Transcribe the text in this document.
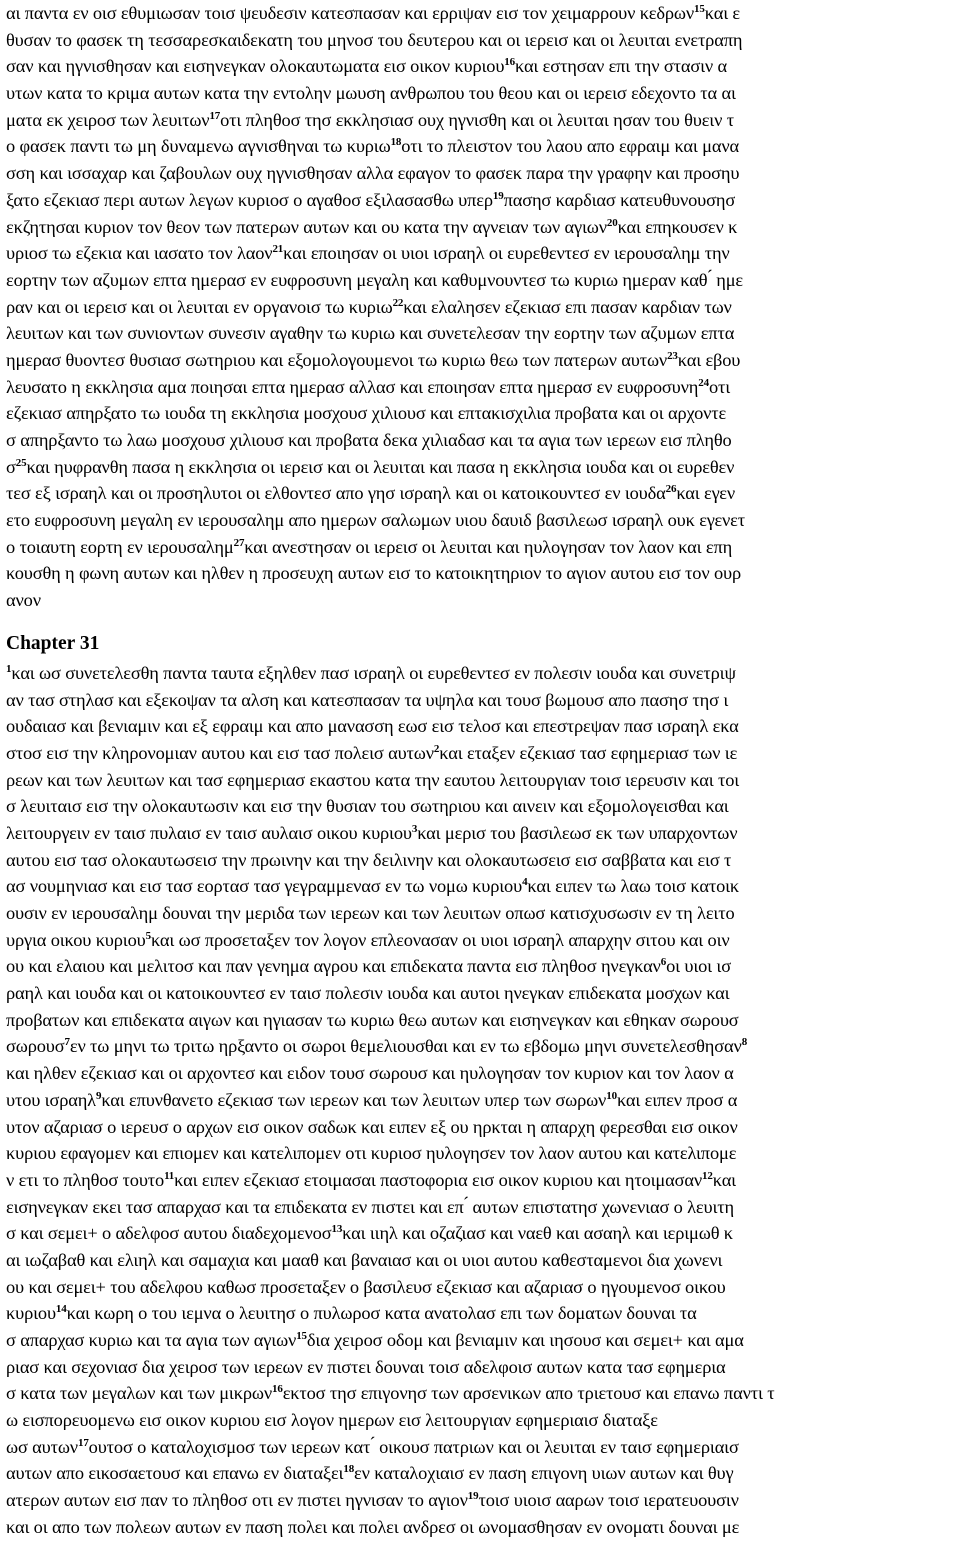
αι παντα εν οισ εθυμιωσαν τοισ ψευδεσιν κατεσπασαν και ερριψαν εισ τον χειμαρρουν κεδρων$^{15}$και ε
θυσαν το φασεκ τη τεσσαρεσκαιδεκατη του μηνοσ του δευτερου και οι ιερεισ και οι λευιται ενετραπη
σαν και ηγνισθησαν και εισηνεγκαν ολοκαυτωματα εισ οικον κυριου$^{16}$και εστησαν επι την στασιν α
υτων κατα το κριμα αυτων κατα την εντολην μωυση ανθρωπου του θεου και οι ιερεισ εδεχοντο τα αι
ματα εκ χειροσ των λευιτων$^{17}$οτι πληθοσ τησ εκκλησιασ ουχ ηγνισθη και οι λευιται ησαν του θυειν τ
ο φασεκ παντι τω μη δυναμενω αγνισθηναι τω κυριω$^{18}$οτι το πλειστον του λαου απο εφραιμ και μανα
σση και ισσαχαρ και ζαβουλων ουχ ηγνισθησαν αλλα εφαγον το φασεκ παρα την γραφην και προσηυ
ξατο εζεκιασ περι αυτων λεγων κυριοσ ο αγαθοσ εξιλασασθω υπερ$^{19}$πασησ καρδιασ κατευθυνουσησ
εκζητησαι κυριον τον θεον των πατερων αυτων και ου κατα την αγνειαν των αγιων$^{20}$και επηκουσεν κ
υριοσ τω εζεκια και ιασατο τον λαον$^{21}$και εποιησαν οι υιοι ισραηλ οι ευρεθεντεσ εν ιερουσαλημ την
εορτην των αζυμων επτα ημερασ εν ευφροσυνη μεγαλη και καθυμνουντεσ τω κυριω ημεραν καθ ́ ημε
ραν και οι ιερεισ και οι λευιται εν οργανοισ τω κυριω$^{22}$και ελαλησεν εζεκιασ επι πασαν καρδιαν των
λευιτων και των συνιοντων συνεσιν αγαθην τω κυριω και συνετελεσαν την εορτην των αζυμων επτα
ημερασ θυοντεσ θυσιασ σωτηριου και εξομολογουμενοι τω κυριω θεω των πατερων αυτων$^{23}$και εβου
λευσατο η εκκλησια αμα ποιησαι επτα ημερασ αλλασ και εποιησαν επτα ημερασ εν ευφροσυνη$^{24}$οτι
εζεκιασ απηρξατο τω ιουδα τη εκκλησια μοσχουσ χιλιουσ και επτακισχιλια προβατα και οι αρχοντε
σ απηρξαντο τω λαω μοσχουσ χιλιουσ και προβατα δεκα χιλιαδασ και τα αγια των ιερεων εισ πληθο
$\sigma^{25}\kappa\alpha\iota$ ηυφρανθη πασα η εκκλησια οι ιερεισ και οι λευιται και πασα η εκκλησια ιουδα και οι ευρεθεν
τεσ εξ ισραηλ και οι προσηλυτοι οι ελθοντεσ απο γησ ισραηλ και οι κατοικουντεσ εν ιουδα$^{26}$και εγεν
ετο ευφροσυνη μεγαλη εν ιερουσαλημ απο ημερων σαλωμων υιου δαυιδ βασιλεωσ ισραηλ ουκ εγενετ
ο τοιαυτη εορτη εν ιερουσαλημ$^{27}$και ανεστησαν οι ιερεισ οι λευιται και ηυλογησαν τον λαον και επη
κουσθη η φωνη αυτων και ηλθεν η προσευχη αυτων εισ το κατοικητηριον το αγιον αυτου εισ τον ουρ
ανον
Chapter 31
$^1$και ωσ συνετελεσθη παντα ταυτα εξηλθεν πασ ισραηλ οι ευρεθεντεσ εν πολεσιν ιουδα και συνετριψ
αν τασ στηλασ και εξεκοψαν τα αλση και κατεσπασαν τα υψηλα και τουσ βωμουσ απο πασησ τησ ι
ουδαιασ και βενιαμιν και εξ εφραιμ και απο μανασση εωσ εισ τελοσ και επεστρεψαν πασ ισραηλ εκα
στοσ εισ την κληρονομιαν αυτου και εισ τασ πολεισ αυτων$^2$και εταξεν εζεκιασ τασ εφημεριασ των ιε
ρεων και των λευιτων και τασ εφημεριασ εκαστου κατα την εαυτου λειτουργιαν τοισ ιερευσιν και τοι
σ λευιταισ εισ την ολοκαυτωσιν και εισ την θυσιαν του σωτηριου και αινειν και εξομολογεισθαι και
λειτουργειν εν ταισ πυλαισ εν ταισ αυλαισ οικου κυριου$^3$και μερισ του βασιλεωσ εκ των υπαρχοντων
αυτου εισ τασ ολοκαυτωσεισ την πρωινην και την δειλινην και ολοκαυτωσεισ εισ σαββατα και εισ τ
ασ νουμηνιασ και εισ τασ εορτασ τασ γεγραμμενασ εν τω νομω κυριου$^4$και ειπεν τω λαω τοισ κατοικ
ουσιν εν ιερουσαλημ δουναι την μεριδα των ιερεων και των λευιτων οπωσ κατισχυσωσιν εν τη λειτο
υργια οικου κυριου$^5$και ωσ προσεταξεν τον λογον επλεονασαν οι υιοι ισραηλ απαρχην σιτου και οιν
ου και ελαιου και μελιτοσ και παν γενημα αγρου και επιδεκατα παντα εισ πληθοσ ηνεγκαν$^6$οι υιοι ισ
ραηλ και ιουδα και οι κατοικουντεσ εν ταισ πολεσιν ιουδα και αυτοι ηνεγκαν επιδεκατα μοσχων και
προβατων και επιδεκατα αιγων και ηγιασαν τω κυριω θεω αυτων και εισηνεγκαν και εθηκαν σωρουσ
σωρουσ$^7$εν τω μηνι τω τριτω ηρξαντο οι σωροι θεμελιουσθαι και εν τω εβδομω μηνι συνετελεσθησαν$^8$
και ηλθεν εζεκιασ και οι αρχοντεσ και ειδον τουσ σωρουσ και ηυλογησαν τον κυριον και τον λαον α
υτου ισραηλ$^9$και επυνθανετο εζεκιασ των ιερεων και των λευιτων υπερ των σωρων$^{10}$και ειπεν προσ α
υτον αζαριασ ο ιερευσ ο αρχων εισ οικον σαδωκ και ειπεν εξ ου ηρκται η απαρχη φερεσθαι εισ οικον
κυριου εφαγομεν και επιομεν και κατελιπομεν οτι κυριοσ ηυλογησεν τον λαον αυτου και κατελιπομε
ν ετι το πληθοσ τουτο$^{11}$και ειπεν εζεκιασ ετοιμασαι παστοφορια εισ οικον κυριου και ητοιμασαν$^{12}$και
εισηνεγκαν εκει τασ απαρχασ και τα επιδεκατα εν πιστει και επ ́ αυτων επιστατησ χωνενιασ ο λευιτη
σ και σεμει+ ο αδελφοσ αυτου διαδεχομενοσ$^{13}$και ιιηλ και οζαζιασ και ναεθ και ασαηλ και ιεριμωθ κ
αι ιωζαβαθ και ελιηλ και σαμαχια και μααθ και βαναιασ και οι υιοι αυτου καθεσταμενοι δια χωνενι
ου και σεμει+ του αδελφου καθωσ προσεταξεν ο βασιλευσ εζεκιασ και αζαριασ ο ηγουμενοσ οικου
κυριου$^{14}$και κωρη ο του ιεμνα ο λευιτησ ο πυλωροσ κατα ανατολασ επι των δοματων δουναι τα
σ απαρχασ κυριω και τα αγια των αγιων$^{15}$δια χειροσ οδομ και βενιαμιν και ιησουσ και σεμει+ και αμα
ριασ και σεχονιασ δια χειροσ των ιερεων εν πιστει δουναι τοισ αδελφοισ αυτων κατα τασ εφημερια
σ κατα των μεγαλων και των μικρων$^{16}$εκτοσ τησ επιγονησ των αρσενικων απο τριετουσ και επανω παντι τ
ω εισπορευομενω εισ οικον κυριου εισ λογον ημερων εισ λειτουργιαν εφημεριαισ διαταξε
ωσ αυτων$^{17}$ουτοσ ο καταλοχισμοσ των ιερεων κατ ́ οικουσ πατριων και οι λευιται εν ταισ εφημεριαισ
αυτων απο εικοσαετουσ και επανω εν διαταξει$^{18}$εν καταλοχιαισ εν παση επιγονη υιων αυτων και θυγ
ατερων αυτων εισ παν το πληθοσ οτι εν πιστει ηγνισαν το αγιον$^{19}$τοισ υιοισ ααρων τοισ ιερατευουσιν
και οι απο των πολεων αυτων εν παση πολει και πολει ανδρεσ οι ωνομασθησαν εν ονοματι δουναι με
